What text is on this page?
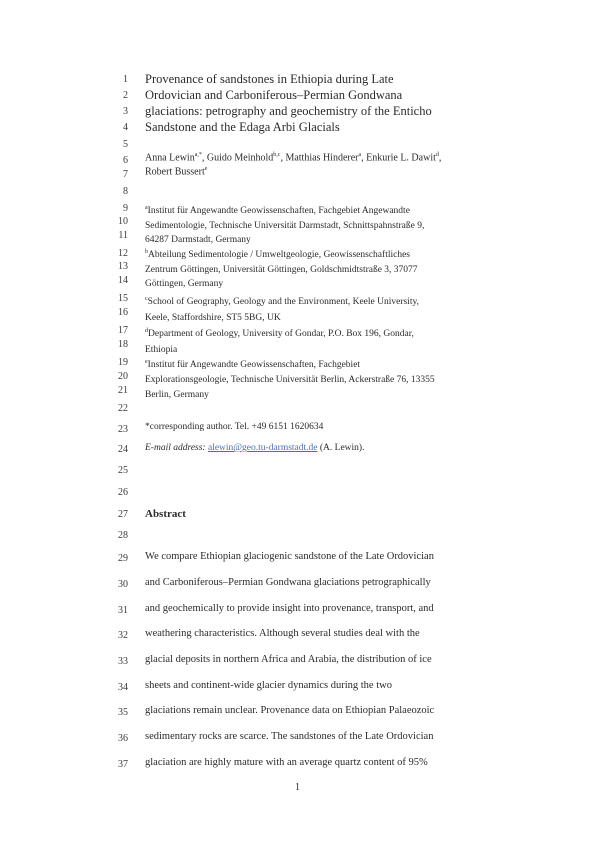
1
2
3
4
5
6
7
8
9
10
11
12
13
14
15
16
17
18
19
20
21
22
23
24
25
26
27
28
29
30
31
32
33
34
35
36
37
Provenance of sandstones in Ethiopia during Late
Ordovician and Carboniferous–Permian Gondwana
glaciations: petrography and geochemistry of the Enticho
Sandstone and the Edaga Arbi Glacials
Anna Lewin$^{a,*}$, Guido Meinhold$^{b,c}$, Matthias Hinderer$^a$, Enkurie L. Dawit$^d$,
Robert Bussert$^e$
$^a$Institut für Angewandte Geowissenschaften, Fachgebiet Angewandte
Sedimentologie, Technische Universität Darmstadt, Schnittspahnstraße 9,
64287 Darmstadt, Germany
$^b$Abteilung Sedimentologie / Umweltgeologie, Geowissenschaftliches
Zentrum Göttingen, Universität Göttingen, Goldschmidtstraße 3, 37077
Göttingen, Germany
$^c$School of Geography, Geology and the Environment, Keele University,
Keele, Staffordshire, ST5 5BG, UK
$^d$Department of Geology, University of Gondar, P.O. Box 196, Gondar,
Ethiopia
$^e$Institut für Angewandte Geowissenschaften, Fachgebiet
Explorationsgeologie, Technische Universität Berlin, Ackerstraße 76, 13355
Berlin, Germany
*corresponding author. Tel. +49 6151 1620634
E-mail address: alewin@geo.tu-darmstadt.de (A. Lewin).
Abstract
We compare Ethiopian glaciogenic sandstone of the Late Ordovician
and Carboniferous–Permian Gondwana glaciations petrographically
and geochemically to provide insight into provenance, transport, and
weathering characteristics. Although several studies deal with the
glacial deposits in northern Africa and Arabia, the distribution of ice
sheets and continent-wide glacier dynamics during the two
glaciations remain unclear. Provenance data on Ethiopian Palaeozoic
sedimentary rocks are scarce. The sandstones of the Late Ordovician
glaciation are highly mature with an average quartz content of 95%
1
